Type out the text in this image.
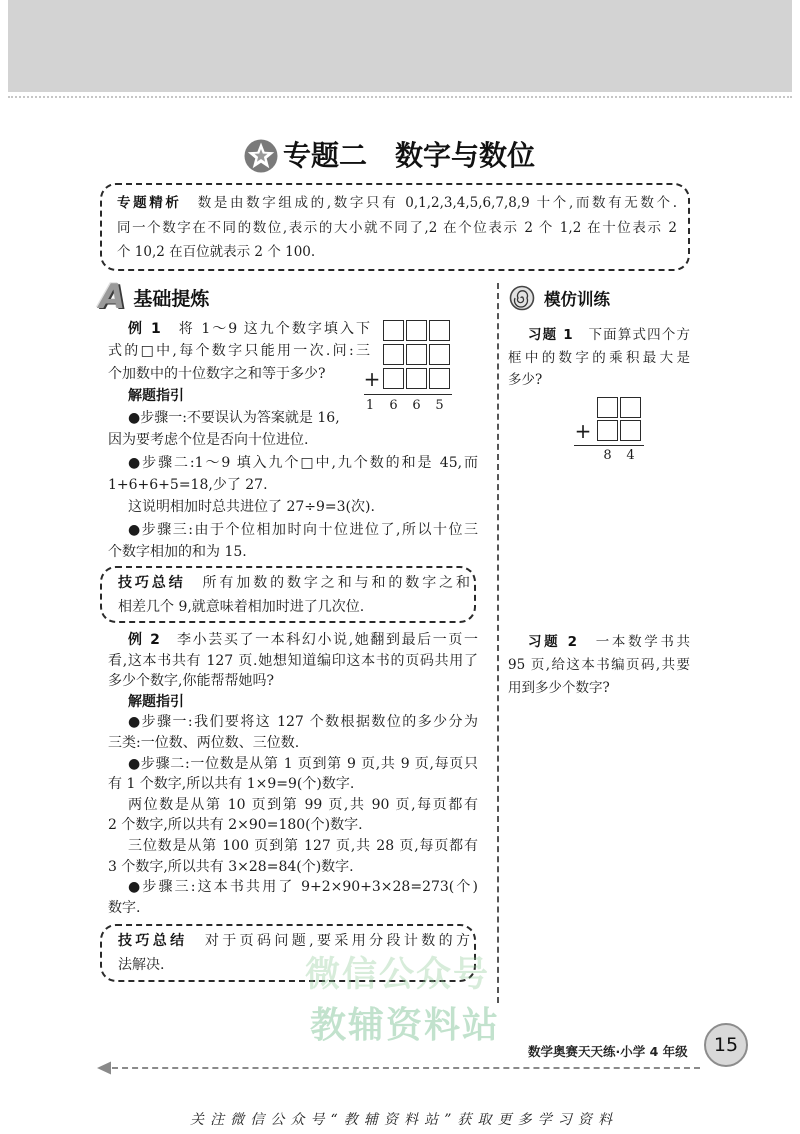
专题二　数字与数位
专题精析　数是由数字组成的,数字只有 0,1,2,3,4,5,6,7,8,9 十个,而数有无数个.
同一个数字在不同的数位,表示的大小就不同了,2 在个位表示 2 个 1,2 在十位表示 2
个 10,2 在百位就表示 2 个 100.
A 基础提炼	模仿训练
例 1　将 1～9 这九个数字填入下
式的□中,每个数字只能用一次.问:三
个加数中的十位数字之和等于多少?
解题指引
●步骤一:不要误认为答案就是 16,
因为要考虑个位是否向十位进位.
●步骤二:1～9 填入九个□中,九个数的和是 45,而
1+6+6+5=18,少了 27.
这说明相加时总共进位了 27÷9=3(次).
●步骤三:由于个位相加时向十位进位了,所以十位三
个数字相加的和为 15.
+
1	6	6	5
技巧总结　所有加数的数字之和与和的数字之和
相差几个 9,就意味着相加时进了几次位.
例 2　李小芸买了一本科幻小说,她翻到最后一页一
看,这本书共有 127 页.她想知道编印这本书的页码共用了
多少个数字,你能帮帮她吗?
解题指引
●步骤一:我们要将这 127 个数根据数位的多少分为
三类:一位数、两位数、三位数.
●步骤二:一位数是从第 1 页到第 9 页,共 9 页,每页只
有 1 个数字,所以共有 1×9=9(个)数字.
两位数是从第 10 页到第 99 页,共 90 页,每页都有
2 个数字,所以共有 2×90=180(个)数字.
三位数是从第 100 页到第 127 页,共 28 页,每页都有
3 个数字,所以共有 3×28=84(个)数字.
●步骤三:这本书共用了 9+2×90+3×28=273(个)
数字.
技巧总结　对于页码问题,要采用分段计数的方
法解决.
习题 1　下面算式四个方
框中的数字的乘积最大是
多少?
+
8	4
习题 2　一本数学书共
95 页,给这本书编页码,共要
用到多少个数字?
微信公众号
教辅资料站
数学奥赛天天练·小学 4 年级 15
关注微信公众号“教辅资料站”获取更多学习资料
